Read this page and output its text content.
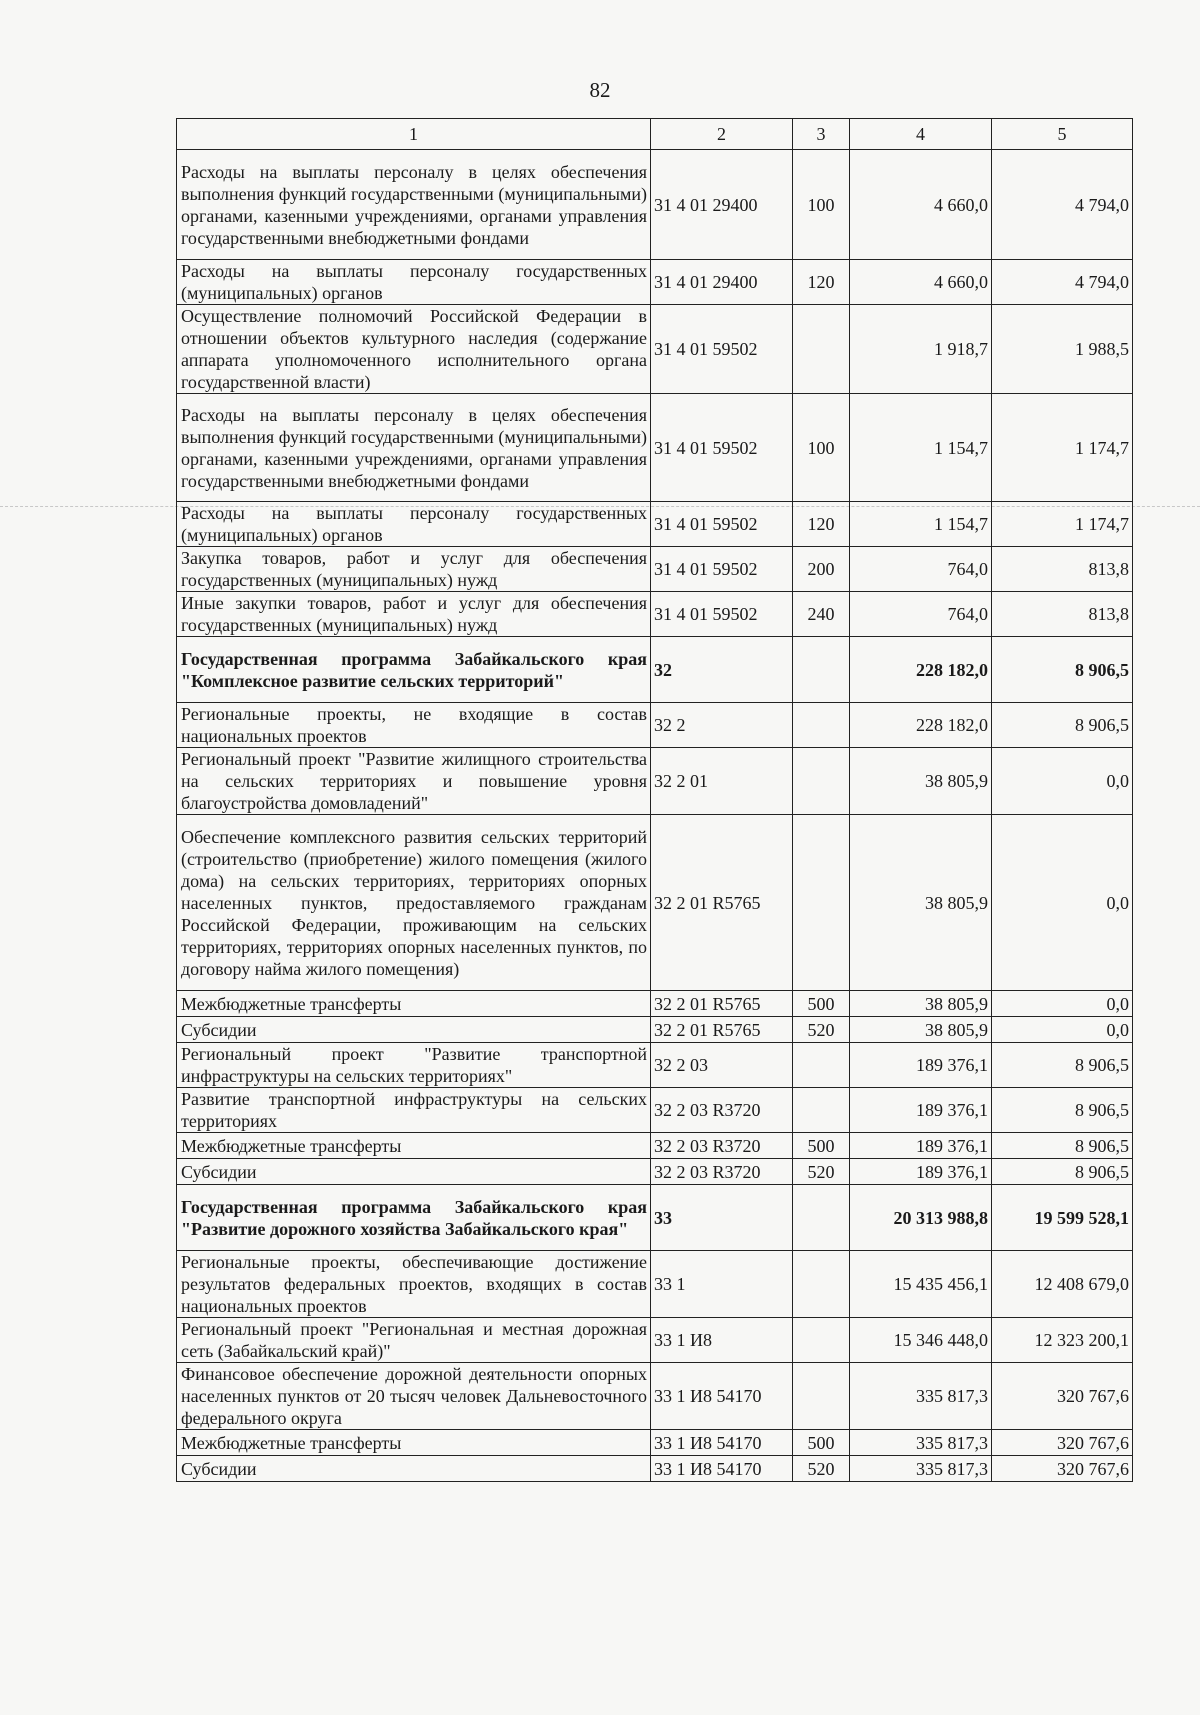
82
1	2	3	4	5
Расходы на выплаты персоналу в целях обеспечения выполнения функций государственными (муниципальными) органами, казенными учреждениями, органами управления государственными внебюджетными фондами	31 4 01 29400	100	4 660,0	4 794,0
Расходы на выплаты персоналу государственных (муниципальных) органов	31 4 01 29400	120	4 660,0	4 794,0
Осуществление полномочий Российской Федерации в отношении объектов культурного наследия (содержание аппарата уполномоченного исполнительного органа государственной власти)	31 4 01 59502		1 918,7	1 988,5
Расходы на выплаты персоналу в целях обеспечения выполнения функций государственными (муниципальными) органами, казенными учреждениями, органами управления государственными внебюджетными фондами	31 4 01 59502	100	1 154,7	1 174,7
Расходы на выплаты персоналу государственных (муниципальных) органов	31 4 01 59502	120	1 154,7	1 174,7
Закупка товаров, работ и услуг для обеспечения государственных (муниципальных) нужд	31 4 01 59502	200	764,0	813,8
Иные закупки товаров, работ и услуг для обеспечения государственных (муниципальных) нужд	31 4 01 59502	240	764,0	813,8
Государственная программа Забайкальского края "Комплексное развитие сельских территорий"	32		228 182,0	8 906,5
Региональные проекты, не входящие в состав национальных проектов	32 2		228 182,0	8 906,5
Региональный проект "Развитие жилищного строительства на сельских территориях и повышение уровня благоустройства домовладений"	32 2 01		38 805,9	0,0
Обеспечение комплексного развития сельских территорий (строительство (приобретение) жилого помещения (жилого дома) на сельских территориях, территориях опорных населенных пунктов, предоставляемого гражданам Российской Федерации, проживающим на сельских территориях, территориях опорных населенных пунктов, по договору найма жилого помещения)	32 2 01 R5765		38 805,9	0,0
Межбюджетные трансферты	32 2 01 R5765	500	38 805,9	0,0
Субсидии	32 2 01 R5765	520	38 805,9	0,0
Региональный проект "Развитие транспортной инфраструктуры на сельских территориях"	32 2 03		189 376,1	8 906,5
Развитие транспортной инфраструктуры на сельских территориях	32 2 03 R3720		189 376,1	8 906,5
Межбюджетные трансферты	32 2 03 R3720	500	189 376,1	8 906,5
Субсидии	32 2 03 R3720	520	189 376,1	8 906,5
Государственная программа Забайкальского края "Развитие дорожного хозяйства Забайкальского края"	33		20 313 988,8	19 599 528,1
Региональные проекты, обеспечивающие достижение результатов федеральных проектов, входящих в состав национальных проектов	33 1		15 435 456,1	12 408 679,0
Региональный проект "Региональная и местная дорожная сеть (Забайкальский край)"	33 1 И8		15 346 448,0	12 323 200,1
Финансовое обеспечение дорожной деятельности опорных населенных пунктов от 20 тысяч человек Дальневосточного федерального округа	33 1 И8 54170		335 817,3	320 767,6
Межбюджетные трансферты	33 1 И8 54170	500	335 817,3	320 767,6
Субсидии	33 1 И8 54170	520	335 817,3	320 767,6
